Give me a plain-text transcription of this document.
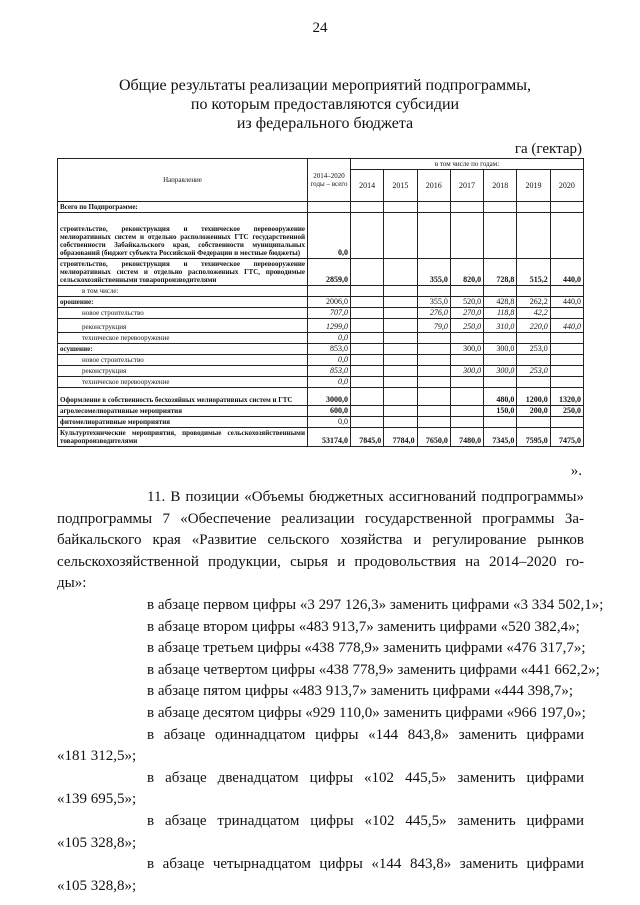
24
Общие результаты реализации мероприятий подпрограммы,
по которым предоставляются субсидии
из федерального бюджета
га (гектар)
Направление	2014–2020 годы – всего	в том числе по годам:						
		2014	2015	2016	2017	2018	2019	2020
Всего по Подпрограмме:								
строительство, реконструкция и техническое перевооружение мелиоративных систем и отдельно расположенных ГТС государственной собственности Забайкальского края, собственности муниципальных образований (бюджет субъекта Российской Федерации и местные бюджеты)	0,0							
строительство, реконструкция и техническое перевооружение мелиоративных систем и отдельно расположенных ГТС, проводимые сельскохозяйственными товаропроизводителями	2859,0			355,0	820,0	728,8	515,2	440,0
в том числе:								
орошение:	2006,0			355,0	520,0	428,8	262,2	440,0
новое строительство	707,0			276,0	270,0	118,8	42,2	
реконструкция	1299,0			79,0	250,0	310,0	220,0	440,0
техническое перевооружение	0,0							
осушение:	853,0				300,0	300,0	253,0	
новое строительство	0,0							
реконструкция	853,0				300,0	300,0	253,0	
техническое перевооружение	0,0							
Оформление в собственность бесхозяйных мелиоративных систем и ГТС	3000,0					480,0	1200,0	1320,0
агролесомелиоративные мероприятия	600,0					150,0	200,0	250,0
фитомелиоративные мероприятия	0,0							
Культуртехнические мероприятия, проводимые сельскохозяйственными товаропроизводителями	53174,0	7845,0	7784,0	7650,0	7480,0	7345,0	7595,0	7475,0
».
11. В позиции «Объемы бюджетных ассигнований подпрограммы»
подпрограммы 7 «Обеспечение реализации государственной программы За-
байкальского края «Развитие сельского хозяйства и регулирование рынков
сельскохозяйственной продукции, сырья и продовольствия на 2014–2020 го-
ды»:
в абзаце первом цифры «3 297 126,3» заменить цифрами «3 334 502,1»;
в абзаце втором цифры «483 913,7» заменить цифрами «520 382,4»;
в абзаце третьем цифры «438 778,9» заменить цифрами «476 317,7»;
в абзаце четвертом цифры «438 778,9» заменить цифрами «441 662,2»;
в абзаце пятом цифры «483 913,7» заменить цифрами «444 398,7»;
в абзаце десятом цифры «929 110,0» заменить цифрами «966 197,0»;
в абзаце одиннадцатом цифры «144 843,8» заменить цифрами
«181 312,5»;
в абзаце двенадцатом цифры «102 445,5» заменить цифрами
«139 695,5»;
в абзаце тринадцатом цифры «102 445,5» заменить цифрами
«105 328,8»;
в абзаце четырнадцатом цифры «144 843,8» заменить цифрами
«105 328,8»;
